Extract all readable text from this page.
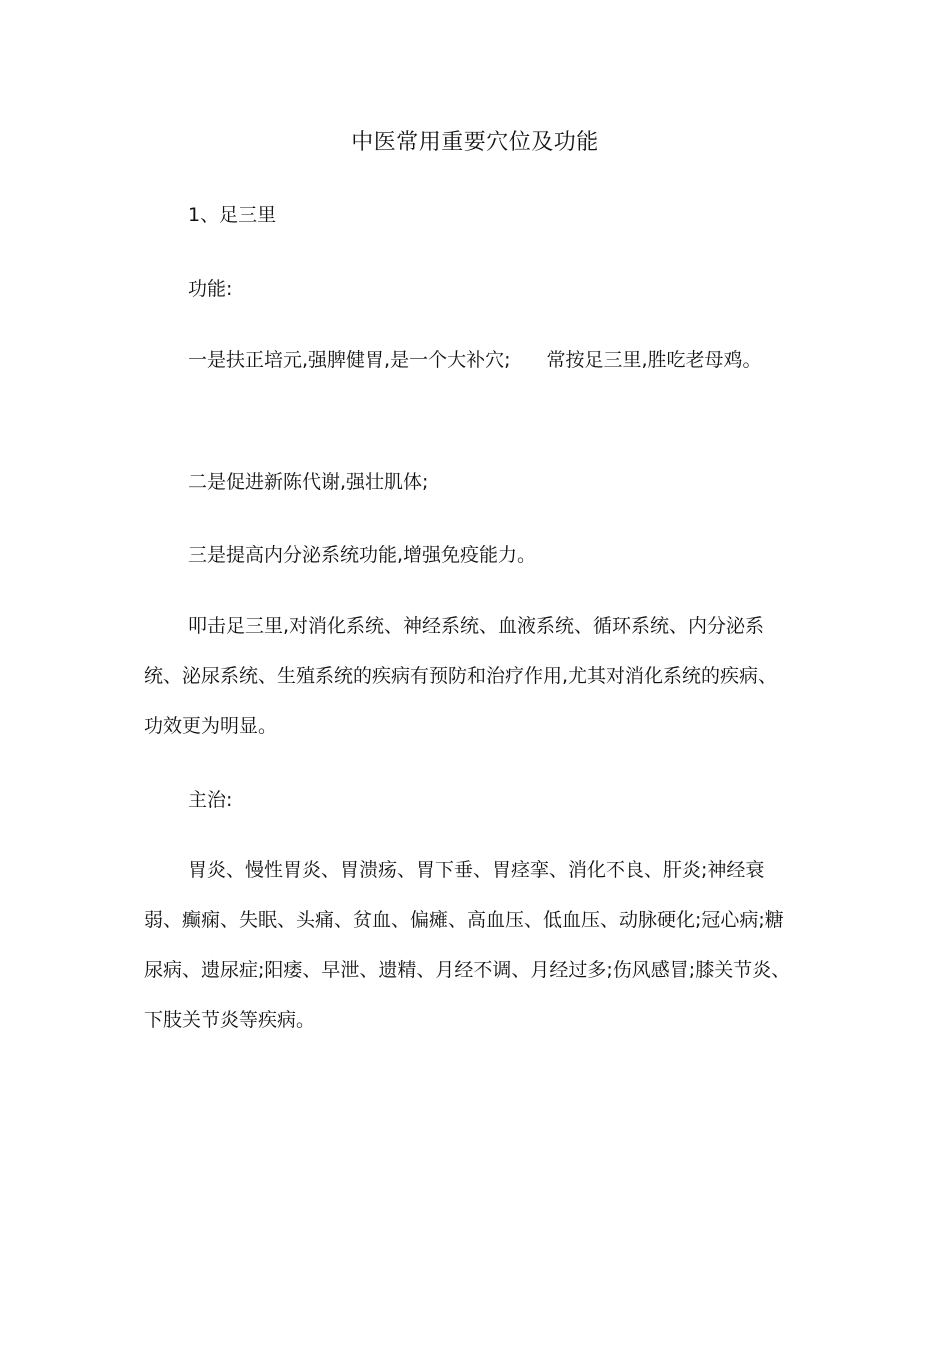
中医常用重要穴位及功能

1、足三里

功能:

一是扶正培元,强脾健胃,是一个大补穴; 常按足三里,胜吃老母鸡。

二是促进新陈代谢,强壮肌体;

三是提高内分泌系统功能,增强免疫能力。

叩击足三里,对消化系统、神经系统、血液系统、循环系统、内分泌系统、泌尿系统、生殖系统的疾病有预防和治疗作用,尤其对消化系统的疾病、功效更为明显。

主治:

胃炎、慢性胃炎、胃溃疡、胃下垂、胃痉挛、消化不良、肝炎;神经衰弱、癫痫、失眠、头痛、贫血、偏瘫、高血压、低血压、动脉硬化;冠心病;糖尿病、遗尿症;阳痿、早泄、遗精、月经不调、月经过多;伤风感冒;膝关节炎、下肢关节炎等疾病。
